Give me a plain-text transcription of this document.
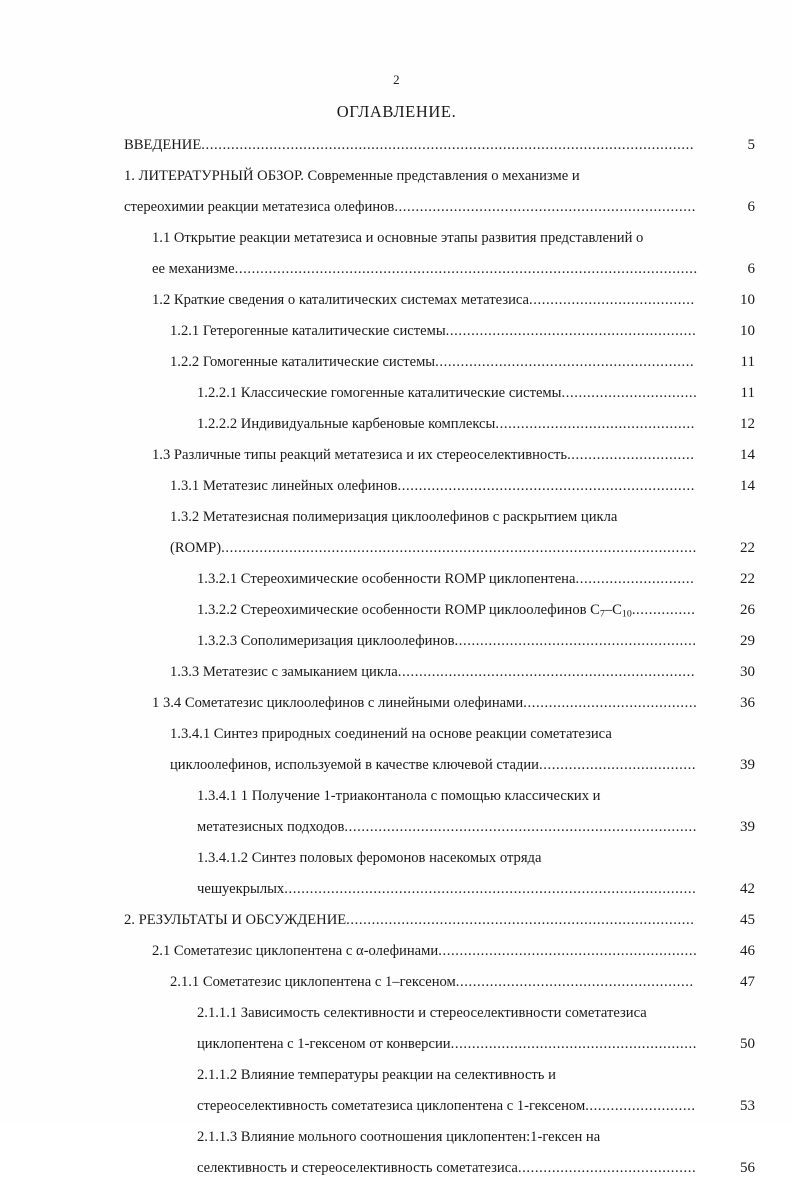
2
ОГЛАВЛЕНИЕ.
ВВЕДЕНИЕ....................................................................................................................	5
1. ЛИТЕРАТУРНЫЙ ОБЗОР. Современные представления о механизме и
стереохимии реакции метатезиса олефинов.......................................................................	6
1.1 Открытие реакции метатезиса и основные этапы развития представлений о
ее механизме.............................................................................................................	6
1.2 Краткие сведения о каталитических системах метатезиса.......................................	10
1.2.1 Гетерогенные каталитические системы...........................................................	10
1.2.2 Гомогенные каталитические системы.............................................................	11
1.2.2.1 Классические гомогенные каталитические системы................................	11
1.2.2.2 Индивидуальные карбеновые комплексы...............................................	12
1.3 Различные типы реакций метатезиса и их стереоселективность..............................	14
1.3.1 Метатезис линейных олефинов......................................................................	14
1.3.2 Метатезисная полимеризация циклоолефинов с раскрытием цикла
(ROMP)................................................................................................................	22
1.3.2.1 Стереохимические особенности ROMP циклопентена............................	22
1.3.2.2 Стереохимические особенности ROMP циклоолефинов $C_7-C_{10}$...............	26
1.3.2.3 Сополимеризация циклоолефинов.........................................................	29
1.3.3 Метатезис с замыканием цикла......................................................................	30
1 3.4 Сометатезис циклоолефинов с линейными олефинами.........................................	36
1.3.4.1 Синтез природных соединений на основе реакции сометатезиса
циклоолефинов, используемой в качестве ключевой стадии.....................................	39
1.3.4.1 1 Получение 1-триаконтанола с помощью классических и
метатезисных подходов...................................................................................	39
1.3.4.1.2 Синтез половых феромонов насекомых отряда
чешуекрылых.................................................................................................	42
2. РЕЗУЛЬТАТЫ И ОБСУЖДЕНИЕ..................................................................................	45
2.1 Сометатезис циклопентена с α-олефинами.............................................................	46
2.1.1 Сометатезис циклопентена с 1–гексеном........................................................	47
2.1.1.1 Зависимость селективности и стереоселективности сометатезиса
циклопентена с 1-гексеном от конверсии..........................................................	50
2.1.1.2 Влияние температуры реакции на селективность и
стереоселективность сометатезиса циклопентена с 1-гексеном..........................	53
2.1.1.3 Влияние мольного соотношения циклопентен:1-гексен на
селективность и стереоселективность сометатезиса..........................................	56
